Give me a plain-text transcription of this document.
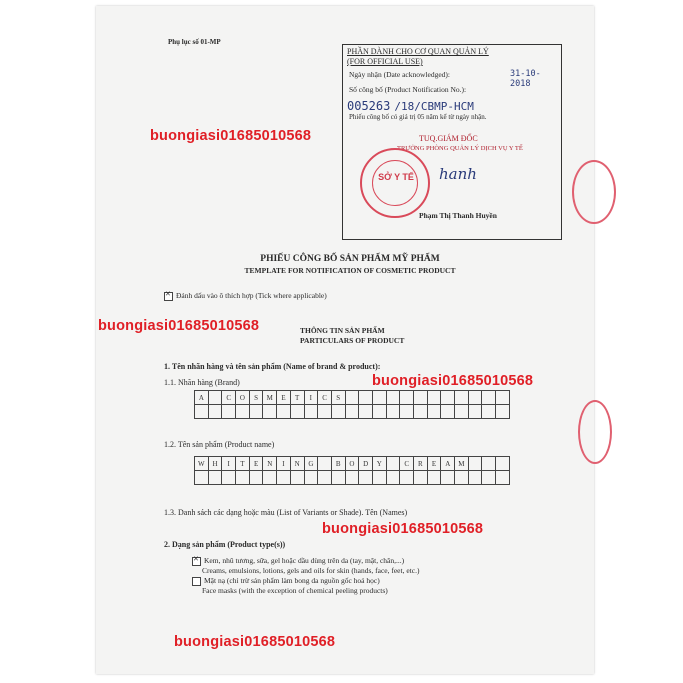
Phụ lục số 01-MP
PHẦN DÀNH CHO CƠ QUAN QUẢN LÝ
(FOR OFFICIAL USE)
Ngày nhận (Date acknowledged):	31-10-2018
Số công bố (Product Notification No.):
005263 /18/CBMP-HCM
Phiếu công bố có giá trị 05 năm kể từ ngày nhận.
TUQ.GIÁM ĐỐC
TRƯỞNG PHÒNG QUẢN LÝ DỊCH VỤ Y TẾ
hanh
Phạm Thị Thanh Huyền
SỞ Y TẾ
PHIẾU CÔNG BỐ SẢN PHẨM MỸ PHẨM
TEMPLATE FOR NOTIFICATION OF COSMETIC PRODUCT
✕Đánh dấu vào ô thích hợp (Tick where applicable)
THÔNG TIN SẢN PHẨM
PARTICULARS OF PRODUCT
1. Tên nhãn hàng và tên sản phẩm (Name of brand & product):
1.1. Nhãn hàng (Brand)
A		C	O	S	M	E	T	I	C	S												

1.2. Tên sản phẩm (Product name)
W	H	I	T	E	N	I	N	G		B	O	D	Y		C	R	E	A	M			

1.3. Danh sách các dạng hoặc màu (List of Variants or Shade). Tên (Names)
2. Dạng sản phẩm (Product type(s))
✕Kem, nhũ tương, sữa, gel hoặc dầu dùng trên da (tay, mặt, chân,...)
Creams, emulsions, lotions, gels and oils for skin (hands, face, feet, etc.)
Mặt nạ (chỉ trừ sản phẩm làm bong da nguồn gốc hoá học)
Face masks (with the exception of chemical peeling products)
buongiasi01685010568
buongiasi01685010568
buongiasi01685010568
buongiasi01685010568
buongiasi01685010568
